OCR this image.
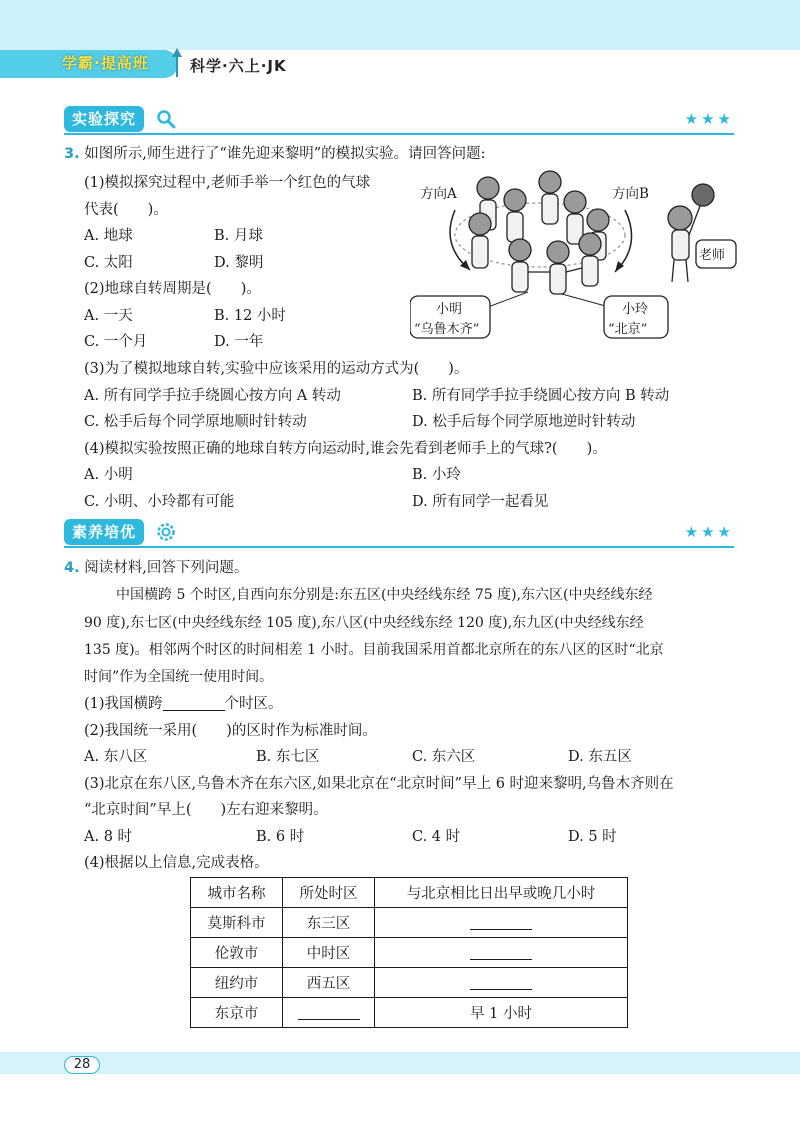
学霸·提高班	科学·六上·JK
实验探究	★★★
3. 如图所示,师生进行了“谁先迎来黎明”的模拟实验。请回答问题:
(1)模拟探究过程中,老师手举一个红色的气球
代表(　　)。
A. 地球	B. 月球
C. 太阳	D. 黎明
(2)地球自转周期是(　　)。
A. 一天	B. 12 小时
C. 一个月	D. 一年
(3)为了模拟地球自转,实验中应该采用的运动方式为(　　)。
A. 所有同学手拉手绕圆心按方向 A 转动	B. 所有同学手拉手绕圆心按方向 B 转动
C. 松手后每个同学原地顺时针转动	D. 松手后每个同学原地逆时针转动
(4)模拟实验按照正确的地球自转方向运动时,谁会先看到老师手上的气球?(　　)。
A. 小明	B. 小玲
C. 小明、小玲都有可能	D. 所有同学一起看见
方向A	方向B
老师
小明
“乌鲁木齐”
小玲
“北京”
素养培优	★★★
4. 阅读材料,回答下列问题。
中国横跨 5 个时区,自西向东分别是:东五区(中央经线东经 75 度),东六区(中央经线东经
90 度),东七区(中央经线东经 105 度),东八区(中央经线东经 120 度),东九区(中央经线东经
135 度)。相邻两个时区的时间相差 1 小时。目前我国采用首都北京所在的东八区的区时“北京
时间”作为全国统一使用时间。
(1)我国横跨	个时区。
(2)我国统一采用(　　)的区时作为标准时间。
A. 东八区	B. 东七区	C. 东六区	D. 东五区
(3)北京在东八区,乌鲁木齐在东六区,如果北京在“北京时间”早上 6 时迎来黎明,乌鲁木齐则在
“北京时间”早上(　　)左右迎来黎明。
A. 8 时	B. 6 时	C. 4 时	D. 5 时
(4)根据以上信息,完成表格。
城市名称	所处时区	与北京相比日出早或晚几小时
莫斯科市	东三区	
伦敦市	中时区	
纽约市	西五区	
东京市		早 1 小时
28
